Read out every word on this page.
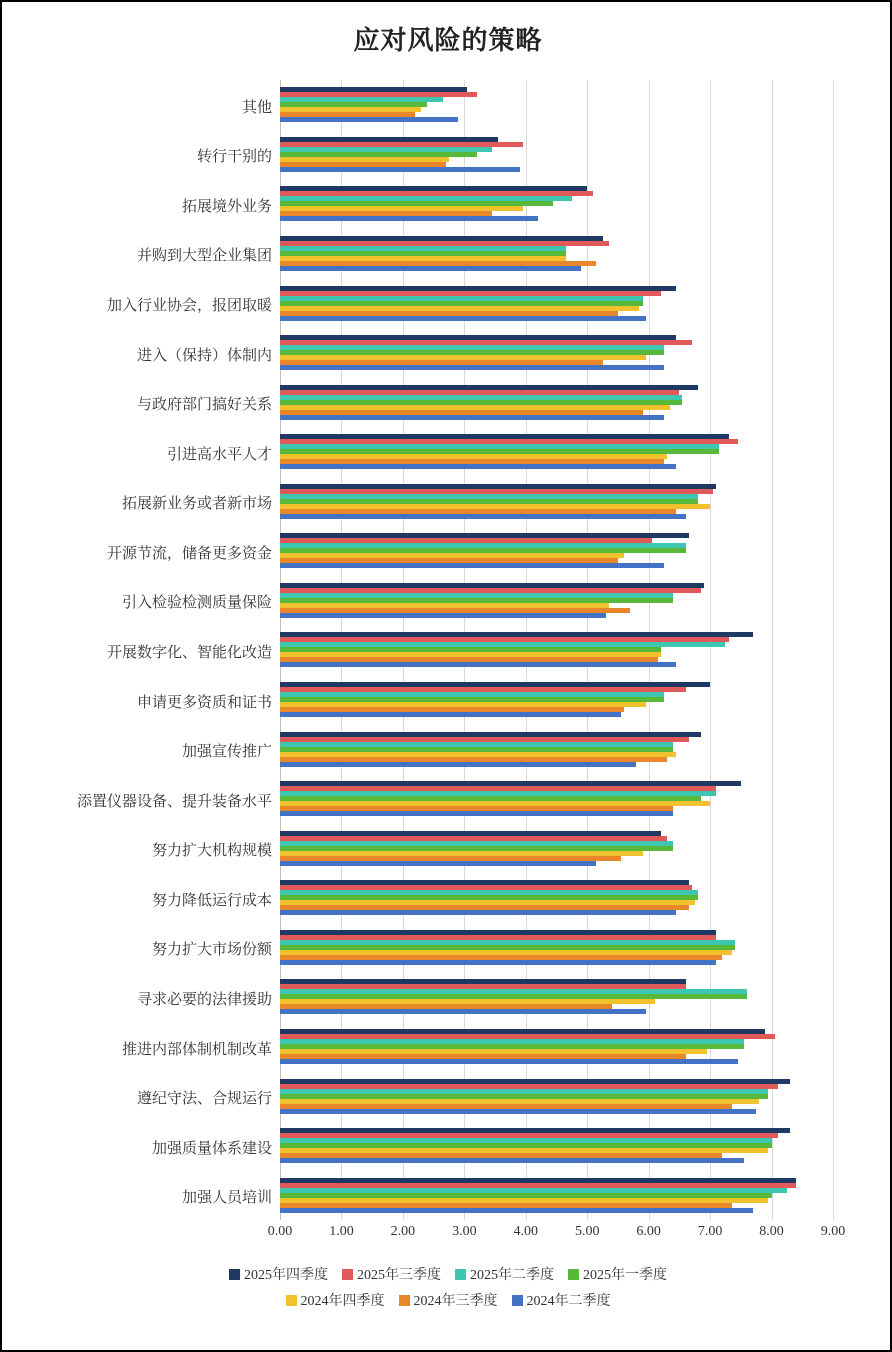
应对风险的策略
其他
转行干别的
拓展境外业务
并购到大型企业集团
加入行业协会，报团取暖
进入（保持）体制内
与政府部门搞好关系
引进高水平人才
拓展新业务或者新市场
开源节流，储备更多资金
引入检验检测质量保险
开展数字化、智能化改造
申请更多资质和证书
加强宣传推广
添置仪器设备、提升装备水平
努力扩大机构规模
努力降低运行成本
努力扩大市场份额
寻求必要的法律援助
推进内部体制机制改革
遵纪守法、合规运行
加强质量体系建设
加强人员培训
0.00	1.00	2.00	3.00	4.00	5.00	6.00	7.00	8.00	9.00
2025年四季度 2025年三季度 2025年二季度 2025年一季度
2024年四季度 2024年三季度 2024年二季度
